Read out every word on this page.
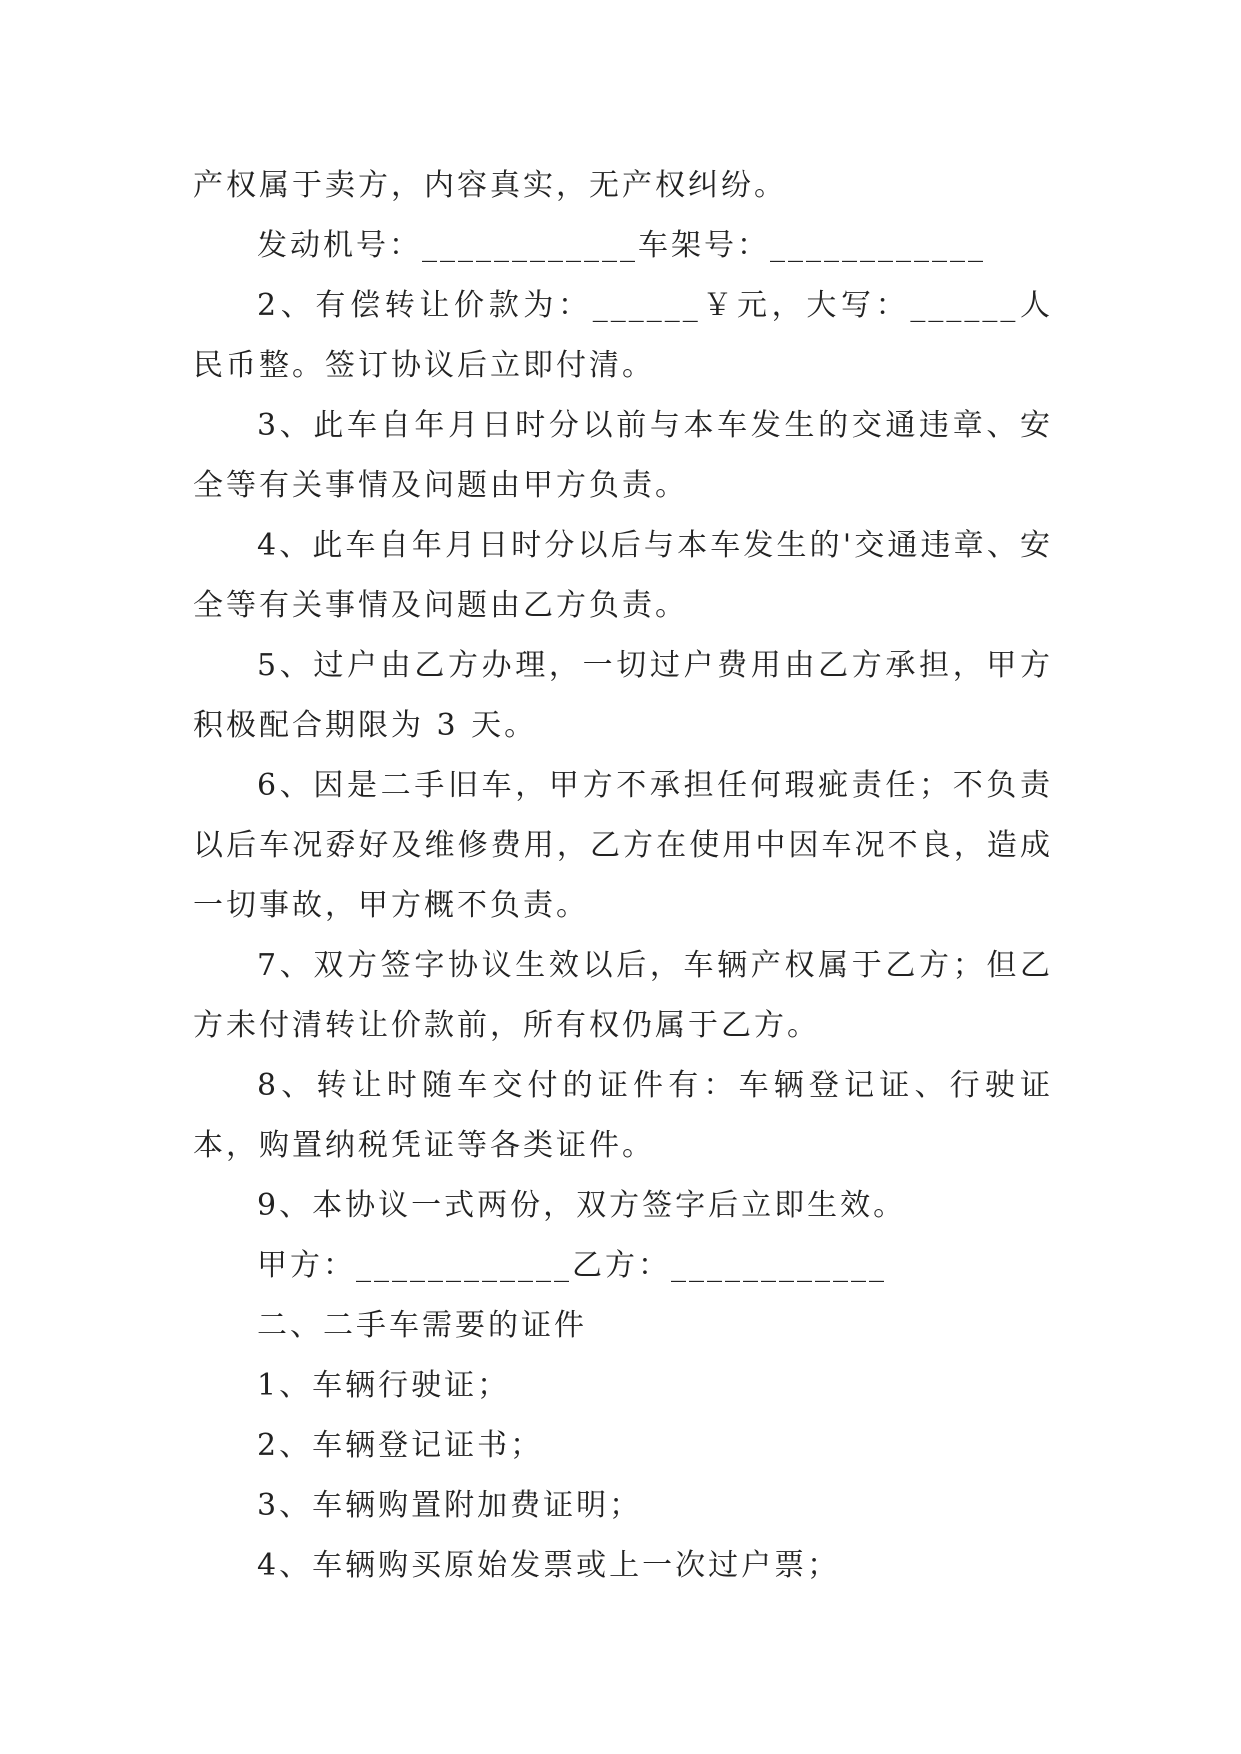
产权属于卖方，内容真实，无产权纠纷。

发动机号：____________车架号：____________

2、有偿转让价款为：______￥元，大写：______人民币整。签订协议后立即付清。

3、此车自年月日时分以前与本车发生的交通违章、安全等有关事情及问题由甲方负责。

4、此车自年月日时分以后与本车发生的'交通违章、安全等有关事情及问题由乙方负责。

5、过户由乙方办理，一切过户费用由乙方承担，甲方积极配合期限为 3 天。

6、因是二手旧车，甲方不承担任何瑕疵责任；不负责以后车况孬好及维修费用，乙方在使用中因车况不良，造成一切事故，甲方概不负责。

7、双方签字协议生效以后，车辆产权属于乙方；但乙方未付清转让价款前，所有权仍属于乙方。

8、转让时随车交付的证件有：车辆登记证、行驶证本，购置纳税凭证等各类证件。

9、本协议一式两份，双方签字后立即生效。

甲方：____________乙方：____________

二、二手车需要的证件

1、车辆行驶证；

2、车辆登记证书；

3、车辆购置附加费证明；

4、车辆购买原始发票或上一次过户票；
